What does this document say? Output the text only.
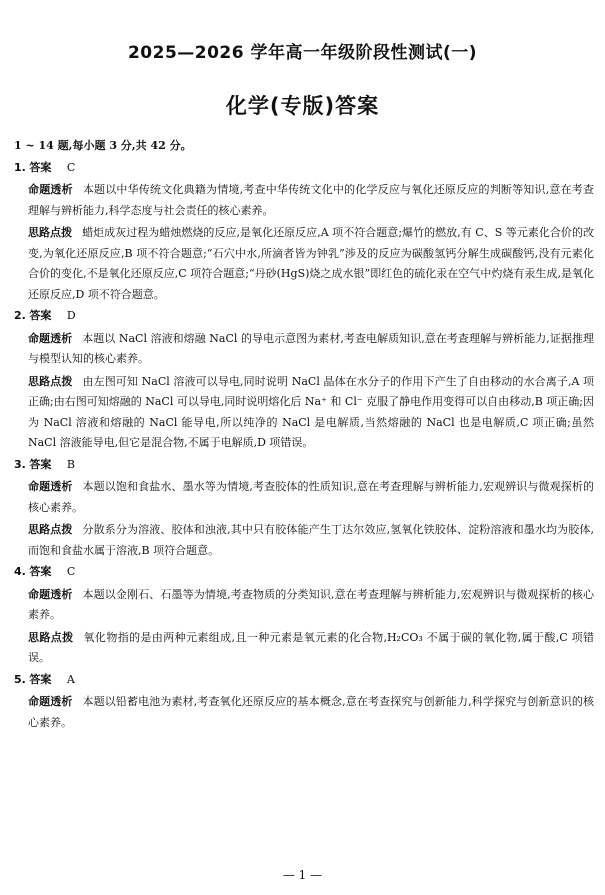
2025—2026 学年高一年级阶段性测试(一)
化学(专版)答案
1 ~ 14 题,每小题 3 分,共 42 分。
1. 答案 C
命题透析 本题以中华传统文化典籍为情境,考查中华传统文化中的化学反应与氧化还原反应的判断等知识,意在考查理解与辨析能力,科学态度与社会责任的核心素养。
思路点拨 蜡炬成灰过程为蜡烛燃烧的反应,是氧化还原反应,A 项不符合题意;爆竹的燃放,有 C、S 等元素化合价的改变,为氧化还原反应,B 项不符合题意;“石穴中水,所滴者皆为钟乳”涉及的反应为碳酸氢钙分解生成碳酸钙,没有元素化合价的变化,不是氧化还原反应,C 项符合题意;“丹砂(HgS)烧之成水银”即红色的硫化汞在空气中灼烧有汞生成,是氧化还原反应,D 项不符合题意。
2. 答案 D
命题透析 本题以 NaCl 溶液和熔融 NaCl 的导电示意图为素材,考查电解质知识,意在考查理解与辨析能力,证据推理与模型认知的核心素养。
思路点拨 由左图可知 NaCl 溶液可以导电,同时说明 NaCl 晶体在水分子的作用下产生了自由移动的水合离子,A 项正确;由右图可知熔融的 NaCl 可以导电,同时说明熔化后 Na⁺ 和 Cl⁻ 克服了静电作用变得可以自由移动,B 项正确;因为 NaCl 溶液和熔融的 NaCl 能导电,所以纯净的 NaCl 是电解质,当然熔融的 NaCl 也是电解质,C 项正确;虽然 NaCl 溶液能导电,但它是混合物,不属于电解质,D 项错误。
3. 答案 B
命题透析 本题以饱和食盐水、墨水等为情境,考查胶体的性质知识,意在考查理解与辨析能力,宏观辨识与微观探析的核心素养。
思路点拨 分散系分为溶液、胶体和浊液,其中只有胶体能产生丁达尔效应,氢氧化铁胶体、淀粉溶液和墨水均为胶体,而饱和食盐水属于溶液,B 项符合题意。
4. 答案 C
命题透析 本题以金刚石、石墨等为情境,考查物质的分类知识,意在考查理解与辨析能力,宏观辨识与微观探析的核心素养。
思路点拨 氧化物指的是由两种元素组成,且一种元素是氧元素的化合物,H₂CO₃ 不属于碳的氧化物,属于酸,C 项错误。
5. 答案 A
命题透析 本题以铅蓄电池为素材,考查氧化还原反应的基本概念,意在考查探究与创新能力,科学探究与创新意识的核心素养。
— 1 —
